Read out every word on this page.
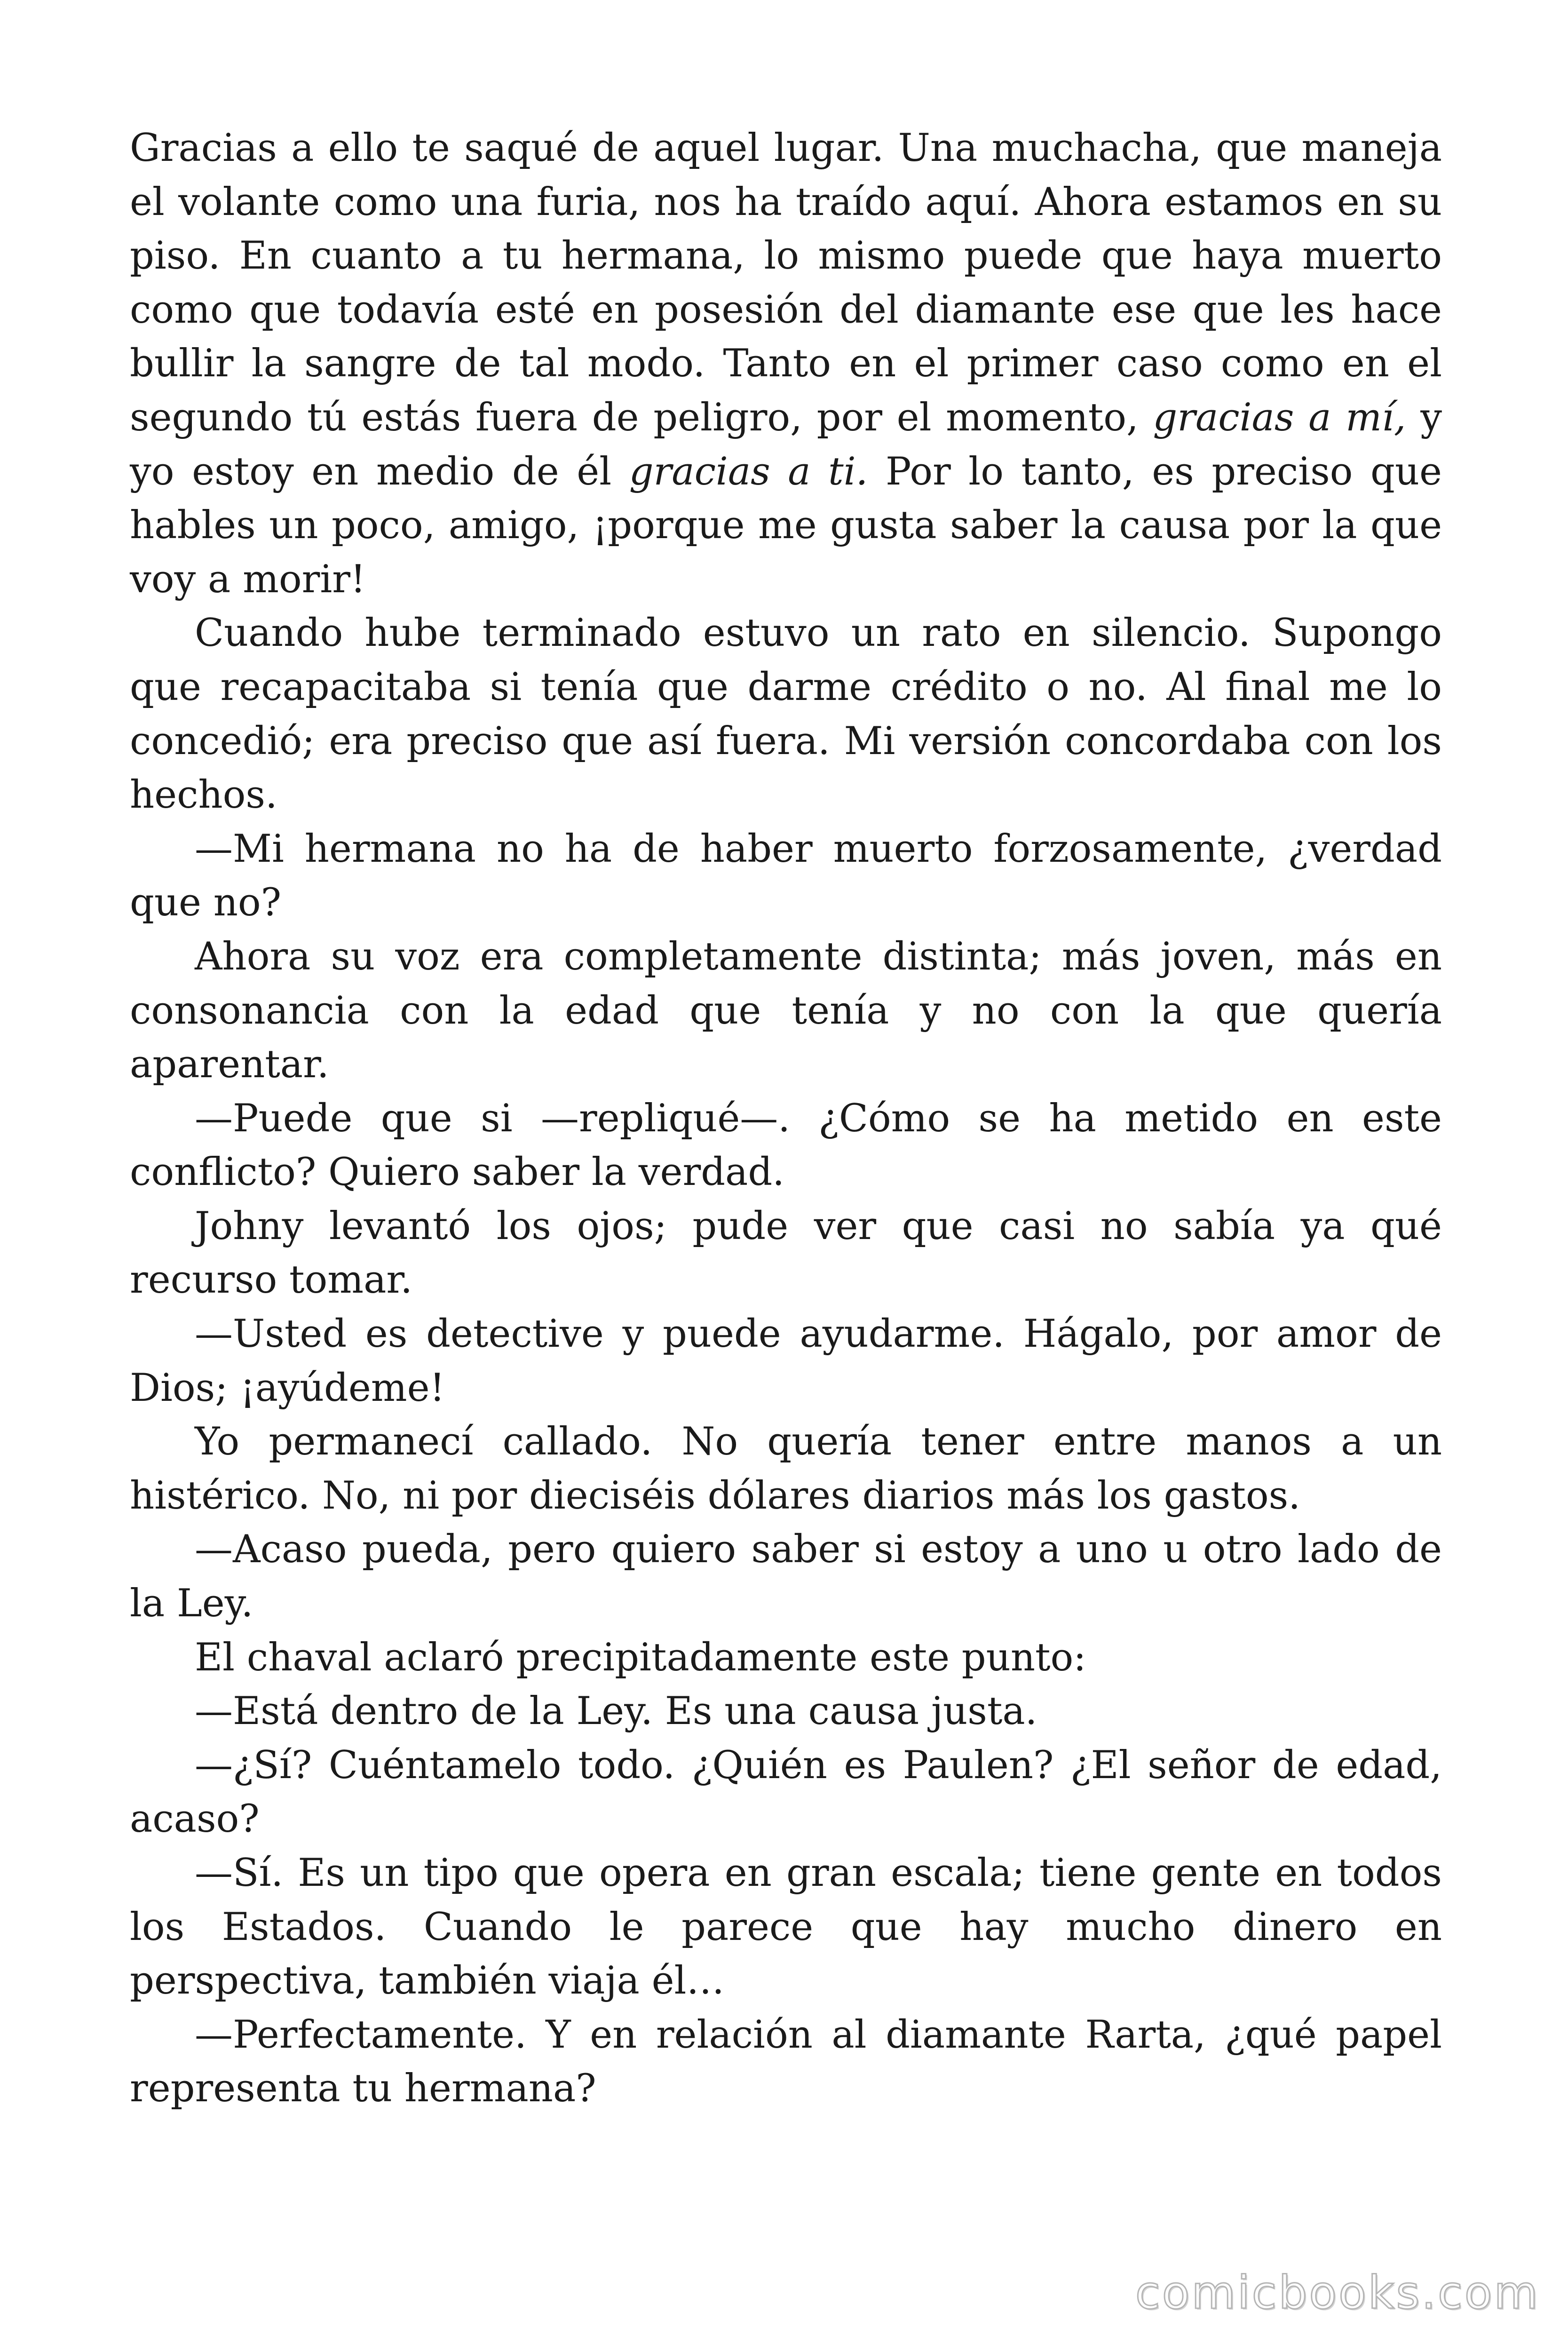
Gracias a ello te saqué de aquel lugar. Una muchacha, que maneja el volante como una furia, nos ha traído aquí. Ahora estamos en su piso. En cuanto a tu hermana, lo mismo puede que haya muerto como que todavía esté en posesión del diamante ese que les hace bullir la sangre de tal modo. Tanto en el primer caso como en el segundo tú estás fuera de peligro, por el momento, gracias a mí, y yo estoy en medio de él gracias a ti. Por lo tanto, es preciso que hables un poco, amigo, ¡porque me gusta saber la causa por la que voy a morir!

Cuando hube terminado estuvo un rato en silencio. Supongo que recapacitaba si tenía que darme crédito o no. Al final me lo concedió; era preciso que así fuera. Mi versión concordaba con los hechos.

—Mi hermana no ha de haber muerto forzosamente, ¿verdad que no?

Ahora su voz era completamente distinta; más joven, más en consonancia con la edad que tenía y no con la que quería aparentar.

—Puede que si —repliqué—. ¿Cómo se ha metido en este conflicto? Quiero saber la verdad.

Johny levantó los ojos; pude ver que casi no sabía ya qué recurso tomar.

—Usted es detective y puede ayudarme. Hágalo, por amor de Dios; ¡ayúdeme!

Yo permanecí callado. No quería tener entre manos a un histérico. No, ni por dieciséis dólares diarios más los gastos.

—Acaso pueda, pero quiero saber si estoy a uno u otro lado de la Ley.

El chaval aclaró precipitadamente este punto:

—Está dentro de la Ley. Es una causa justa.

—¿Sí? Cuéntamelo todo. ¿Quién es Paulen? ¿El señor de edad, acaso?

—Sí. Es un tipo que opera en gran escala; tiene gente en todos los Estados. Cuando le parece que hay mucho dinero en perspectiva, también viaja él…

—Perfectamente. Y en relación al diamante Rarta, ¿qué papel representa tu hermana?

comicbooks.com
